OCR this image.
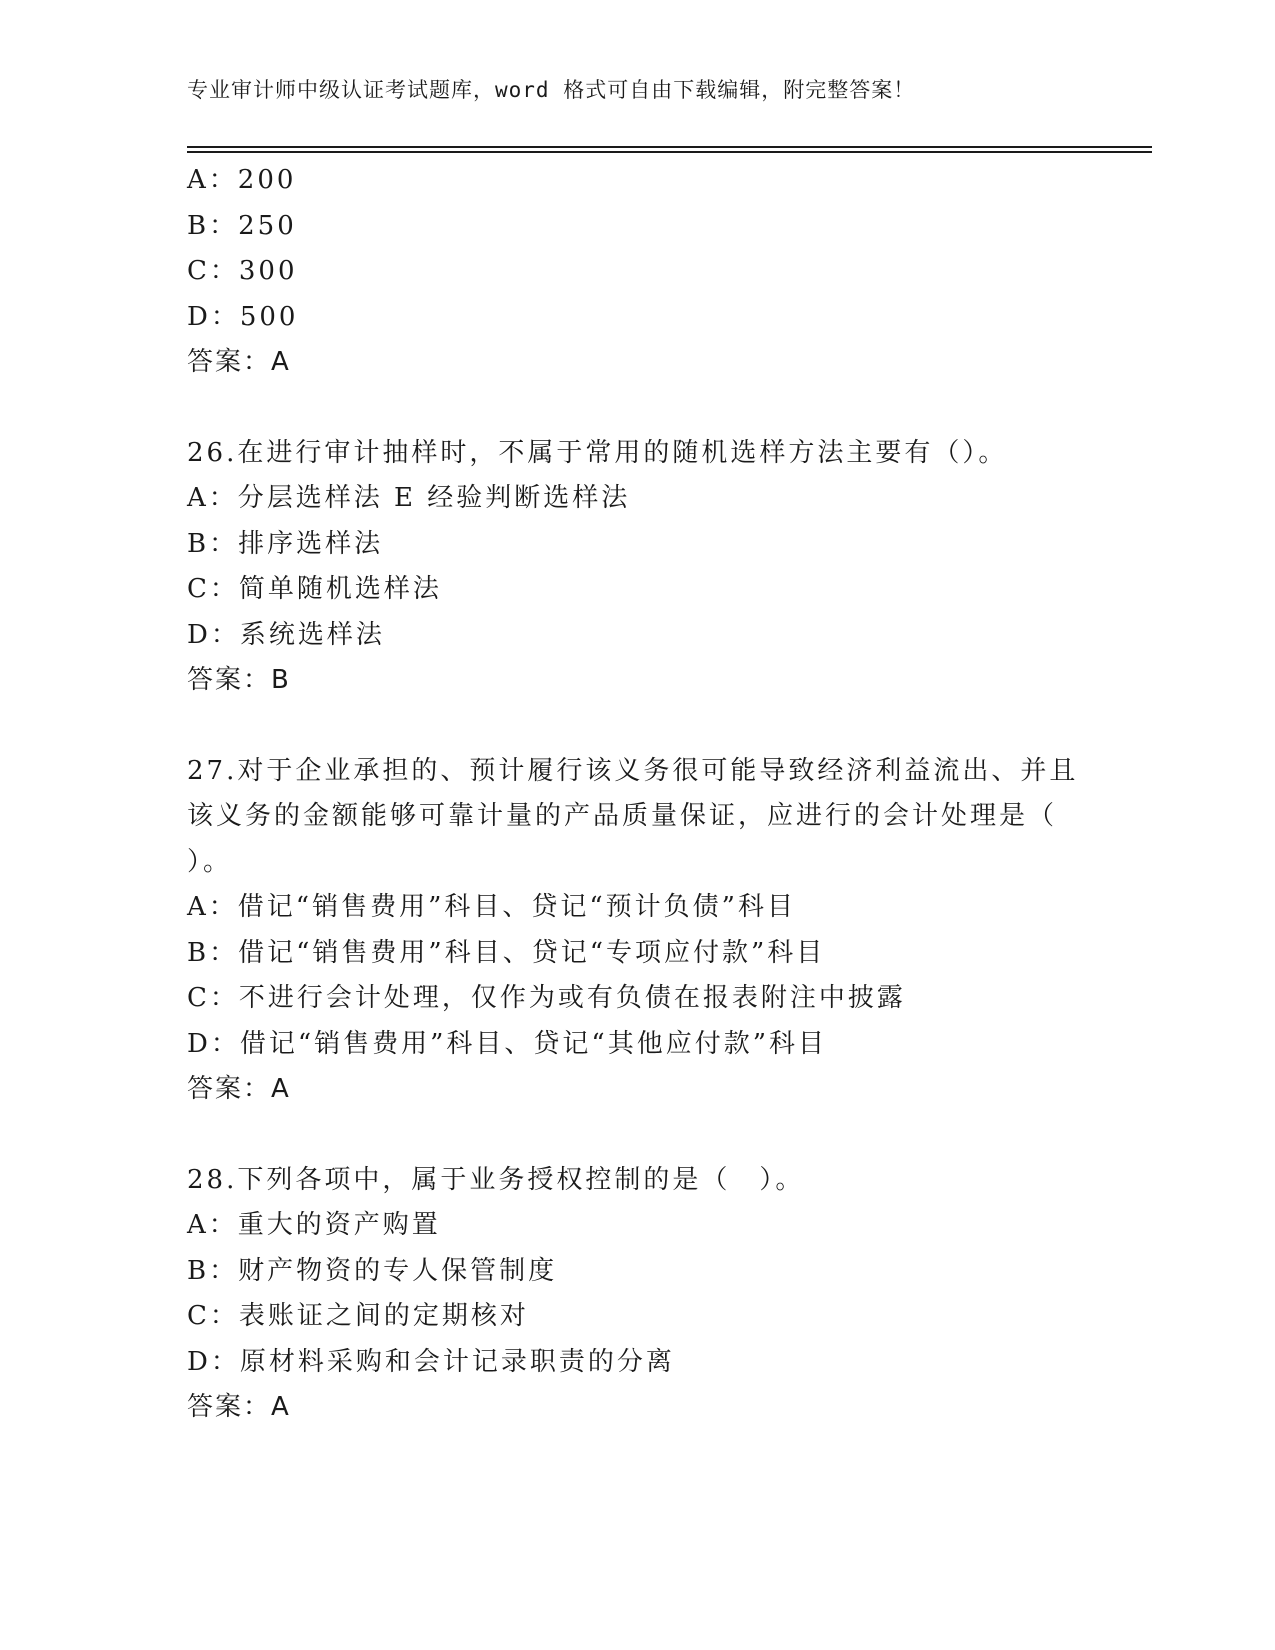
专业审计师中级认证考试题库，word 格式可自由下载编辑，附完整答案！
A：200
B：250
C：300
D：500
答案：A
26.在进行审计抽样时，不属于常用的随机选样方法主要有（）。
A：分层选样法 E 经验判断选样法
B：排序选样法
C：简单随机选样法
D：系统选样法
答案：B
27.对于企业承担的、预计履行该义务很可能导致经济利益流出、并且
该义务的金额能够可靠计量的产品质量保证，应进行的会计处理是（
）。
A：借记“销售费用”科目、贷记“预计负债”科目
B：借记“销售费用”科目、贷记“专项应付款”科目
C：不进行会计处理，仅作为或有负债在报表附注中披露
D：借记“销售费用”科目、贷记“其他应付款”科目
答案：A
28.下列各项中，属于业务授权控制的是（　）。
A：重大的资产购置
B：财产物资的专人保管制度
C：表账证之间的定期核对
D：原材料采购和会计记录职责的分离
答案：A
